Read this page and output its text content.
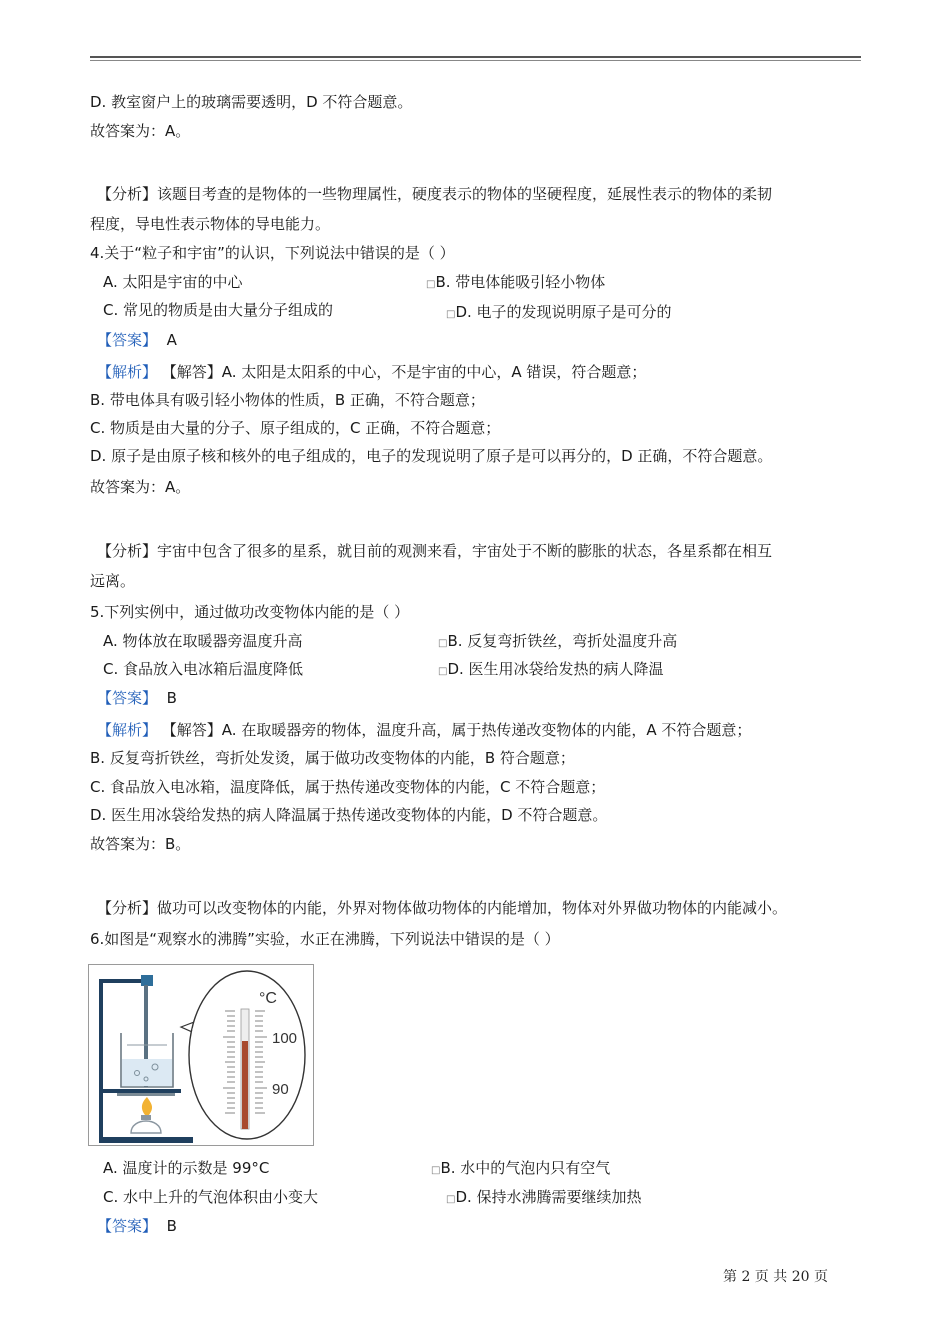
D. 教室窗户上的玻璃需要透明，D 不符合题意。
故答案为：A。
【分析】该题目考查的是物体的一些物理属性，硬度表示的物体的坚硬程度，延展性表示的物体的柔韧
程度，导电性表示物体的导电能力。
4.关于“粒子和宇宙”的认识，下列说法中错误的是（ ）
A. 太阳是宇宙的中心	□B. 带电体能吸引轻小物体
C. 常见的物质是由大量分子组成的	□D. 电子的发现说明原子是可分的
【答案】 A
【解析】 【解答】A. 太阳是太阳系的中心，不是宇宙的中心，A 错误，符合题意；
B. 带电体具有吸引轻小物体的性质，B 正确，不符合题意；
C. 物质是由大量的分子、原子组成的，C 正确，不符合题意；
D. 原子是由原子核和核外的电子组成的，电子的发现说明了原子是可以再分的，D 正确，不符合题意。
故答案为：A。
【分析】宇宙中包含了很多的星系，就目前的观测来看，宇宙处于不断的膨胀的状态，各星系都在相互
远离。
5.下列实例中，通过做功改变物体内能的是（ ）
A. 物体放在取暖器旁温度升高	□B. 反复弯折铁丝，弯折处温度升高
C. 食品放入电冰箱后温度降低	□D. 医生用冰袋给发热的病人降温
【答案】 B
【解析】 【解答】A. 在取暖器旁的物体，温度升高，属于热传递改变物体的内能，A 不符合题意；
B. 反复弯折铁丝，弯折处发烫，属于做功改变物体的内能，B 符合题意；
C. 食品放入电冰箱，温度降低，属于热传递改变物体的内能，C 不符合题意；
D. 医生用冰袋给发热的病人降温属于热传递改变物体的内能，D 不符合题意。
故答案为：B。
【分析】做功可以改变物体的内能，外界对物体做功物体的内能增加，物体对外界做功物体的内能减小。
6.如图是“观察水的沸腾”实验，水正在沸腾，下列说法中错误的是（ ）
°C
100
90
A. 温度计的示数是 99°C	□B. 水中的气泡内只有空气
C. 水中上升的气泡体积由小变大	□D. 保持水沸腾需要继续加热
【答案】 B
第 2 页 共 20 页
